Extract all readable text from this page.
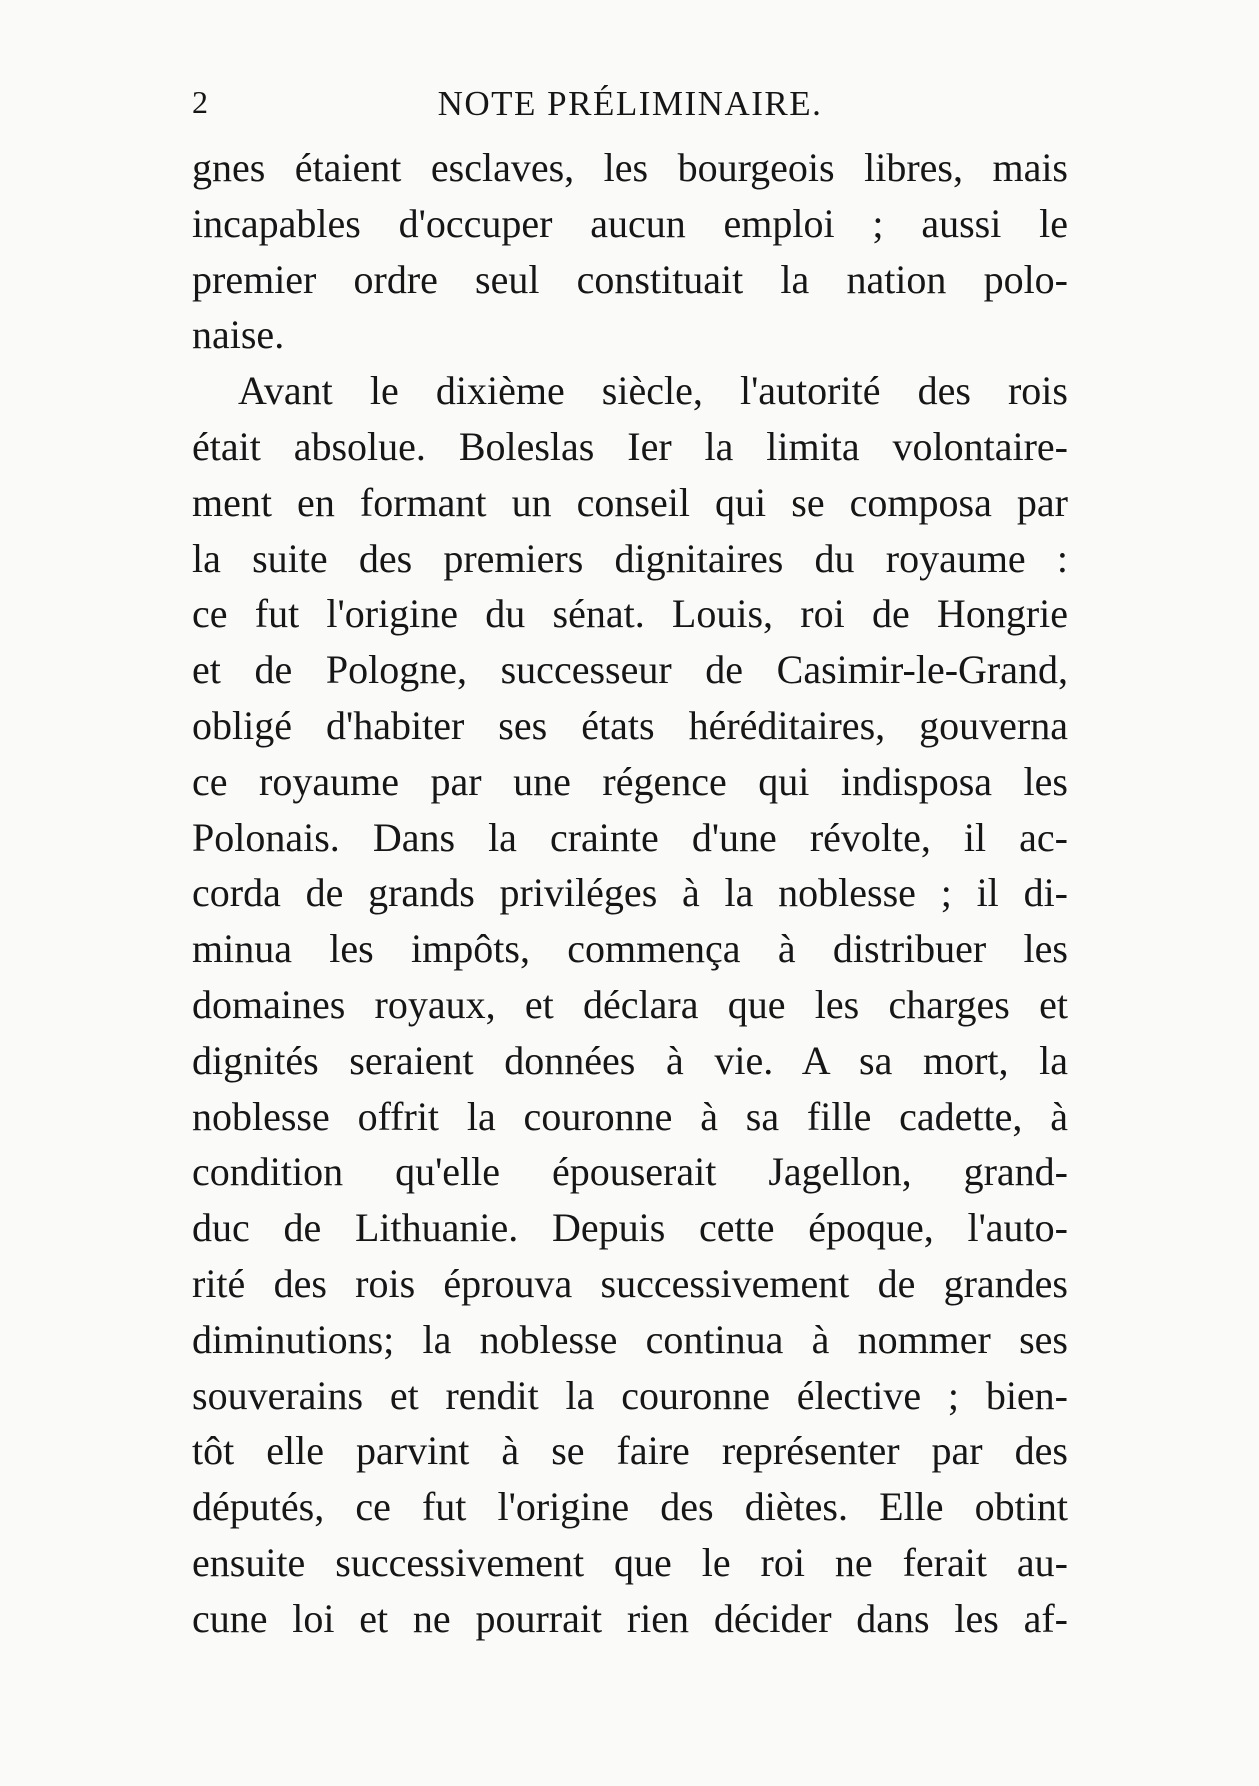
2	NOTE PRÉLIMINAIRE.
gnes étaient esclaves, les bourgeois libres, mais
incapables d'occuper aucun emploi ; aussi le
premier ordre seul constituait la nation polo-
naise.
Avant le dixième siècle, l'autorité des rois
était absolue. Boleslas Ier la limita volontaire-
ment en formant un conseil qui se composa par
la suite des premiers dignitaires du royaume :
ce fut l'origine du sénat. Louis, roi de Hongrie
et de Pologne, successeur de Casimir-le-Grand,
obligé d'habiter ses états héréditaires, gouverna
ce royaume par une régence qui indisposa les
Polonais. Dans la crainte d'une révolte, il ac-
corda de grands priviléges à la noblesse ; il di-
minua les impôts, commença à distribuer les
domaines royaux, et déclara que les charges et
dignités seraient données à vie. A sa mort, la
noblesse offrit la couronne à sa fille cadette, à
condition qu'elle épouserait Jagellon, grand-
duc de Lithuanie. Depuis cette époque, l'auto-
rité des rois éprouva successivement de grandes
diminutions; la noblesse continua à nommer ses
souverains et rendit la couronne élective ; bien-
tôt elle parvint à se faire représenter par des
députés, ce fut l'origine des diètes. Elle obtint
ensuite successivement que le roi ne ferait au-
cune loi et ne pourrait rien décider dans les af-
